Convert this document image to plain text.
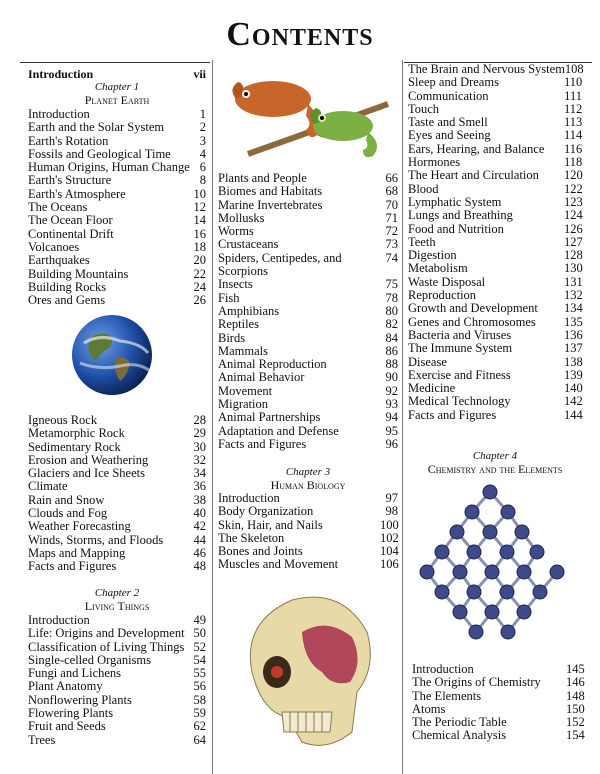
Contents
Introduction	vii
Chapter 1
Planet Earth
Introduction	1
Earth and the Solar System	2
Earth's Rotation	3
Fossils and Geological Time	4
Human Origins, Human Change 6
Earth's Structure	8
Earth's Atmosphere	10
The Oceans	12
The Ocean Floor	14
Continental Drift	16
Volcanoes	18
Earthquakes	20
Building Mountains	22
Building Rocks	24
Ores and Gems	26
Igneous Rock	28
Metamorphic Rock	29
Sedimentary Rock	30
Erosion and Weathering	32
Glaciers and Ice Sheets	34
Climate	36
Rain and Snow	38
Clouds and Fog	40
Weather Forecasting	42
Winds, Storms, and Floods	44
Maps and Mapping	46
Facts and Figures	48
Chapter 2
Living Things
Introduction	49
Life: Origins and Development 50
Classification of Living Things 52
Single-celled Organisms	54
Fungi and Lichens	55
Plant Anatomy	56
Nonflowering Plants	58
Flowering Plants	59
Fruit and Seeds	62
Trees	64
Plants and People	66
Biomes and Habitats	68
Marine Invertebrates	70
Mollusks	71
Worms	72
Crustaceans	73
Spiders, Centipedes, and Scorpions
74
Insects	75
Fish	78
Amphibians	80
Reptiles	82
Birds	84
Mammals	86
Animal Reproduction	88
Animal Behavior	90
Movement	92
Migration	93
Animal Partnerships	94
Adaptation and Defense	95
Facts and Figures	96
Chapter 3
Human Biology
Introduction	97
Body Organization	98
Skin, Hair, and Nails	100
The Skeleton	102
Bones and Joints	104
Muscles and Movement	106
The Brain and Nervous System 108
Sleep and Dreams	110
Communication	111
Touch	112
Taste and Smell	113
Eyes and Seeing	114
Ears, Hearing, and Balance	116
Hormones	118
The Heart and Circulation	120
Blood	122
Lymphatic System	123
Lungs and Breathing	124
Food and Nutrition	126
Teeth	127
Digestion	128
Metabolism	130
Waste Disposal	131
Reproduction	132
Growth and Development	134
Genes and Chromosomes	135
Bacteria and Viruses	136
The Immune System	137
Disease	138
Exercise and Fitness	139
Medicine	140
Medical Technology	142
Facts and Figures	144
Chapter 4
Chemistry and the Elements
Introduction	145
The Origins of Chemistry	146
The Elements	148
Atoms	150
The Periodic Table	152
Chemical Analysis	154
